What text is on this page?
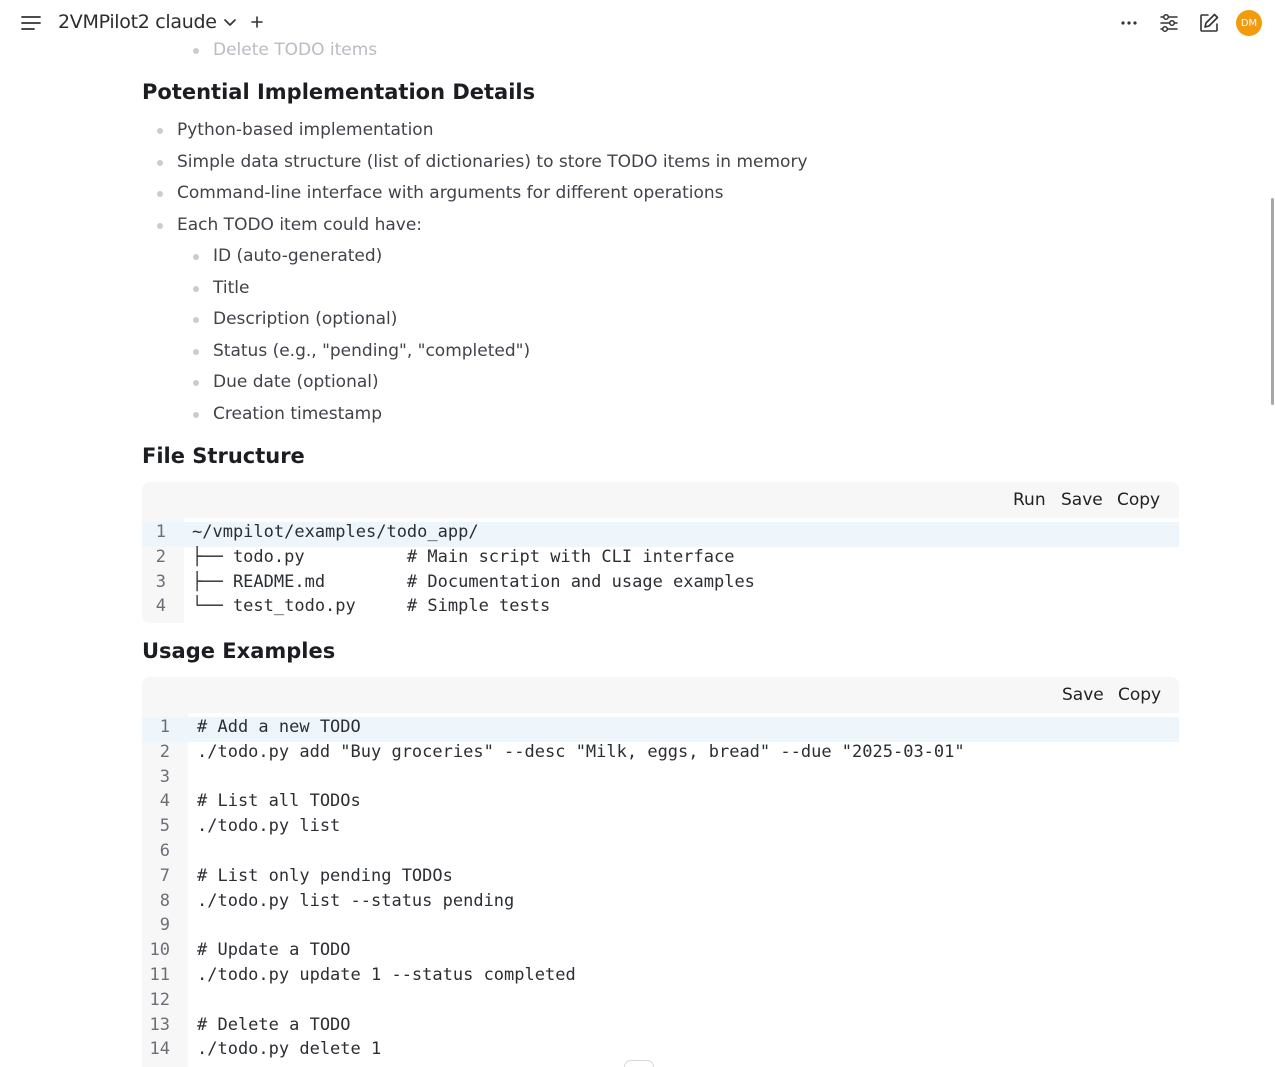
2VMPilot2 claude	DM
Delete TODO items
Potential Implementation Details
Python-based implementation
Simple data structure (list of dictionaries) to store TODO items in memory
Command-line interface with arguments for different operations
Each TODO item could have:
ID (auto-generated)
Title
Description (optional)
Status (e.g., "pending", "completed")
Due date (optional)
Creation timestamp
File Structure
Run Save Copy
1 ~/vmpilot/examples/todo_app/
2 ├── todo.py          # Main script with CLI interface
3 ├── README.md        # Documentation and usage examples
4 └── test_todo.py     # Simple tests
Usage Examples
Save Copy
1 # Add a new TODO
2 ./todo.py add "Buy groceries" --desc "Milk, eggs, bread" --due "2025-03-01"
3
4 # List all TODOs
5 ./todo.py list
6
7 # List only pending TODOs
8 ./todo.py list --status pending
9
10 # Update a TODO
11 ./todo.py update 1 --status completed
12
13 # Delete a TODO
14 ./todo.py delete 1
